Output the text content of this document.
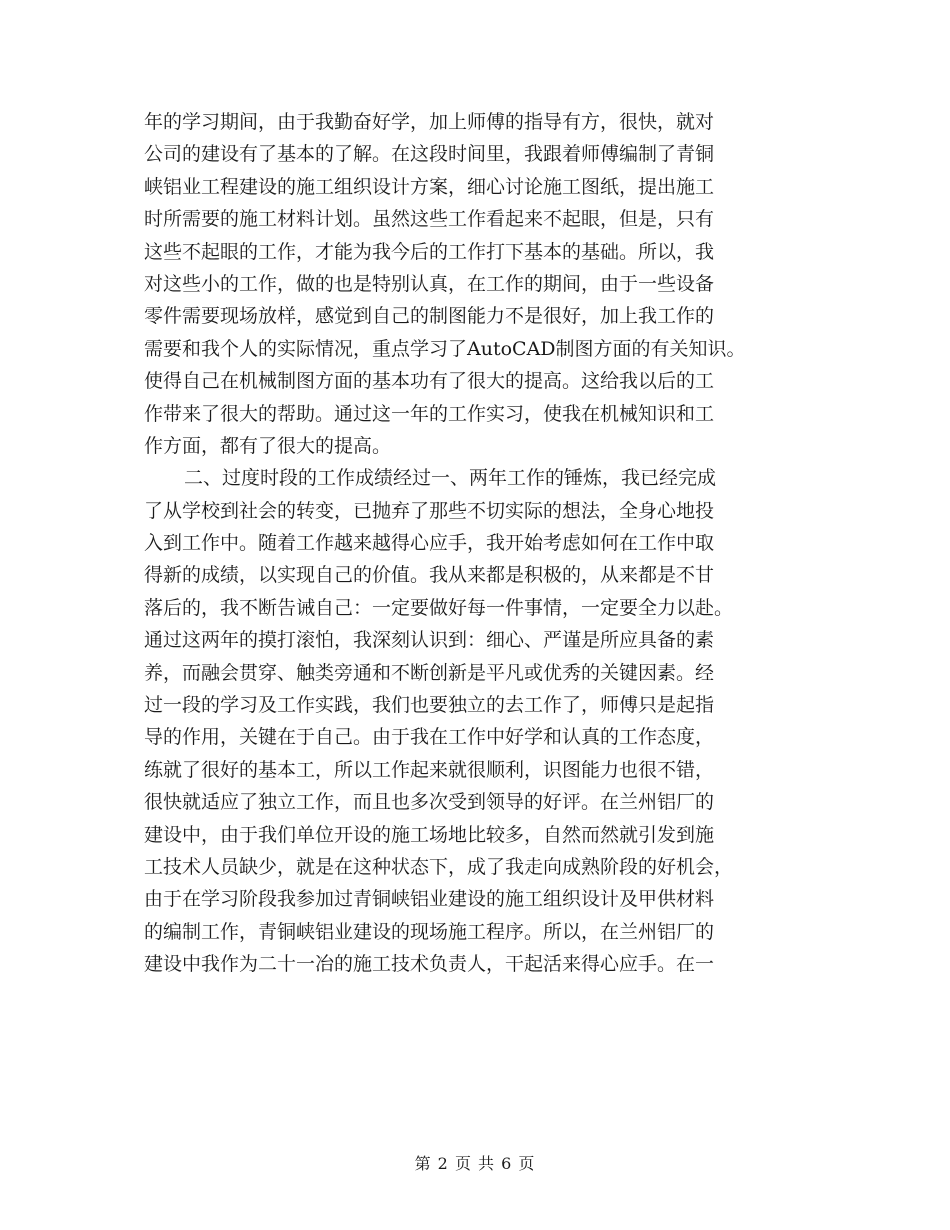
年的学习期间，由于我勤奋好学，加上师傅的指导有方，很快，就对
公司的建设有了基本的了解。在这段时间里，我跟着师傅编制了青铜
峡铝业工程建设的施工组织设计方案，细心讨论施工图纸，提出施工
时所需要的施工材料计划。虽然这些工作看起来不起眼，但是，只有
这些不起眼的工作，才能为我今后的工作打下基本的基础。所以，我
对这些小的工作，做的也是特别认真，在工作的期间，由于一些设备
零件需要现场放样，感觉到自己的制图能力不是很好，加上我工作的
需要和我个人的实际情况，重点学习了AutoCAD制图方面的有关知识。
使得自己在机械制图方面的基本功有了很大的提高。这给我以后的工
作带来了很大的帮助。通过这一年的工作实习，使我在机械知识和工
作方面，都有了很大的提高。
二、过度时段的工作成绩经过一、两年工作的锤炼，我已经完成
了从学校到社会的转变，已抛弃了那些不切实际的想法，全身心地投
入到工作中。随着工作越来越得心应手，我开始考虑如何在工作中取
得新的成绩，以实现自己的价值。我从来都是积极的，从来都是不甘
落后的，我不断告诫自己：一定要做好每一件事情，一定要全力以赴。
通过这两年的摸打滚怕，我深刻认识到：细心、严谨是所应具备的素
养，而融会贯穿、触类旁通和不断创新是平凡或优秀的关键因素。经
过一段的学习及工作实践，我们也要独立的去工作了，师傅只是起指
导的作用，关键在于自己。由于我在工作中好学和认真的工作态度，
练就了很好的基本工，所以工作起来就很顺利，识图能力也很不错，
很快就适应了独立工作，而且也多次受到领导的好评。在兰州铝厂的
建设中，由于我们单位开设的施工场地比较多，自然而然就引发到施
工技术人员缺少，就是在这种状态下，成了我走向成熟阶段的好机会，
由于在学习阶段我参加过青铜峡铝业建设的施工组织设计及甲供材料
的编制工作，青铜峡铝业建设的现场施工程序。所以，在兰州铝厂的
建设中我作为二十一冶的施工技术负责人，干起活来得心应手。在一
第 2 页 共 6 页
